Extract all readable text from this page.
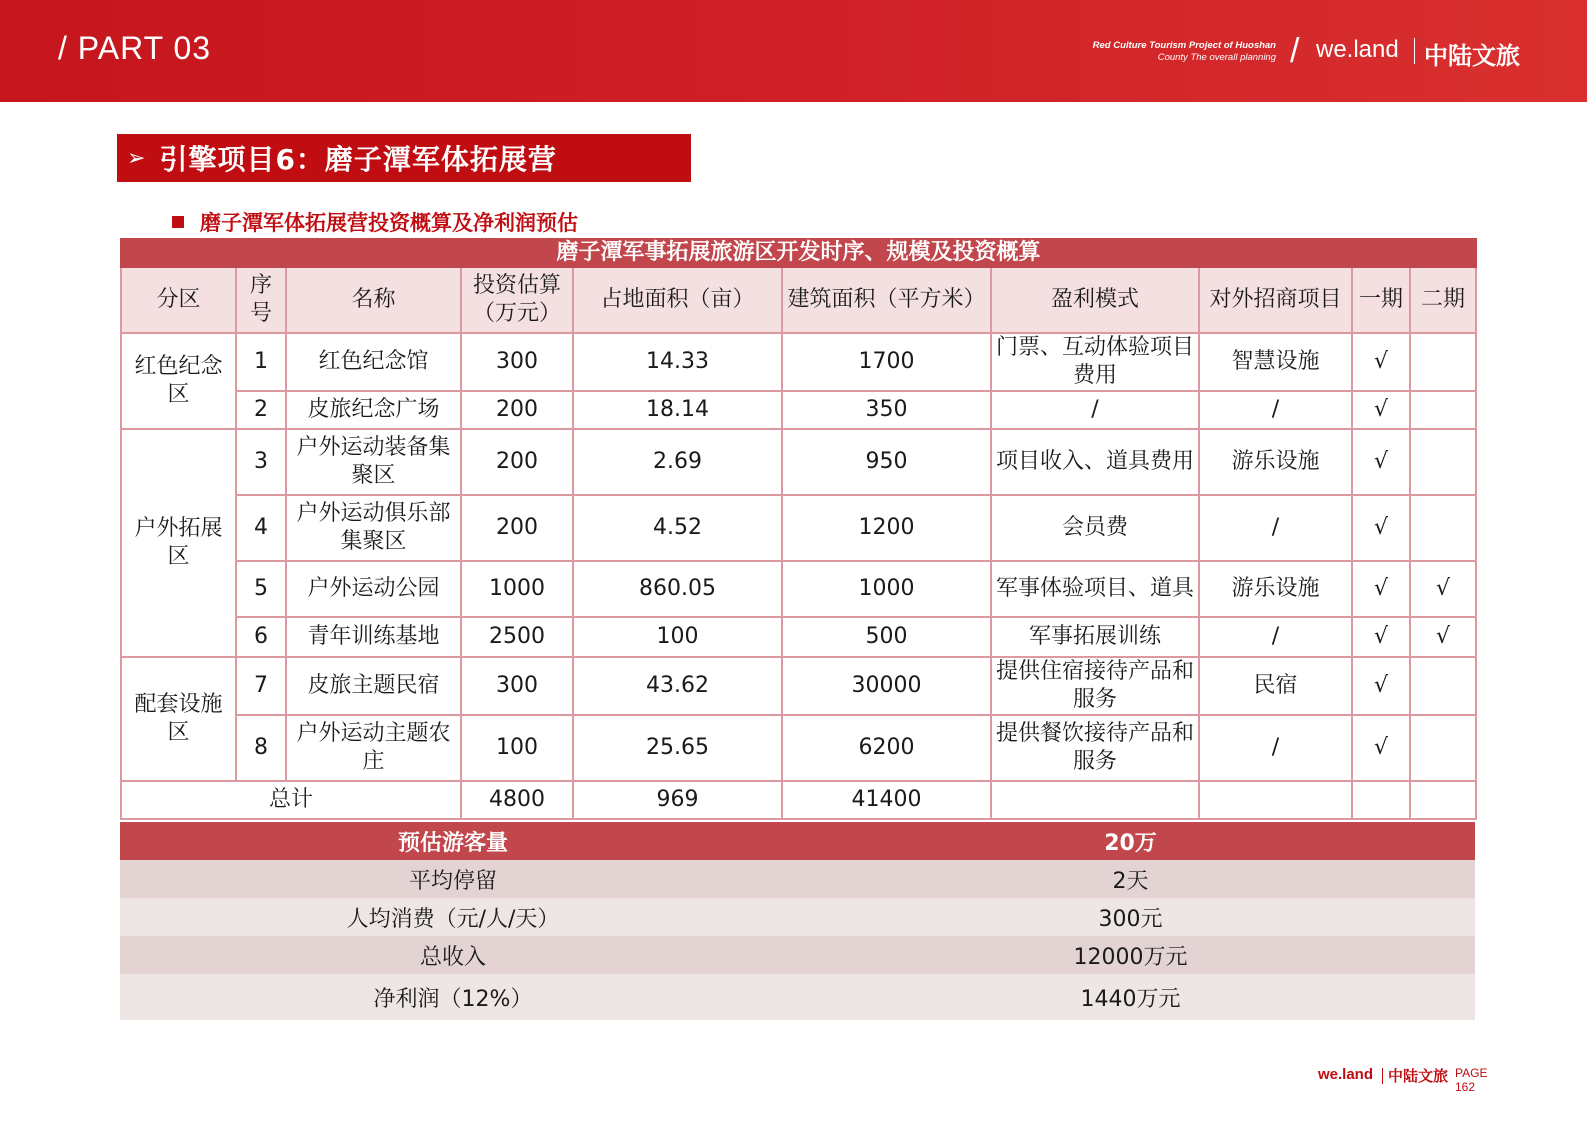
/ PART 03	Red Culture Tourism Project of Huoshan
County The overall planning / we.land 中陆文旅
➢ 引擎项目6：磨子潭军体拓展营
磨子潭军体拓展营投资概算及净利润预估
磨子潭军事拓展旅游区开发时序、规模及投资概算									
分区	序号	名称	投资估算（万元）	占地面积（亩）	建筑面积（平方米）	盈利模式	对外招商项目	一期	二期
红色纪念区	1	红色纪念馆	300	14.33	1700	门票、互动体验项目费用	智慧设施	√	
	2	皮旅纪念广场	200	18.14	350	/	/	√	
户外拓展区	3	户外运动装备集聚区	200	2.69	950	项目收入、道具费用	游乐设施	√	
	4	户外运动俱乐部集聚区	200	4.52	1200	会员费	/	√	
	5	户外运动公园	1000	860.05	1000	军事体验项目、道具	游乐设施	√	√
	6	青年训练基地	2500	100	500	军事拓展训练	/	√	√
配套设施区	7	皮旅主题民宿	300	43.62	30000	提供住宿接待产品和服务	民宿	√	
	8	户外运动主题农庄	100	25.65	6200	提供餐饮接待产品和服务	/	√	
总计			4800	969	41400				
预估游客量	20万
平均停留	2天
人均消费（元/人/天）	300元
总收入	12000万元
净利润（12%）	1440万元
we.land 中陆文旅 PAGE
162
